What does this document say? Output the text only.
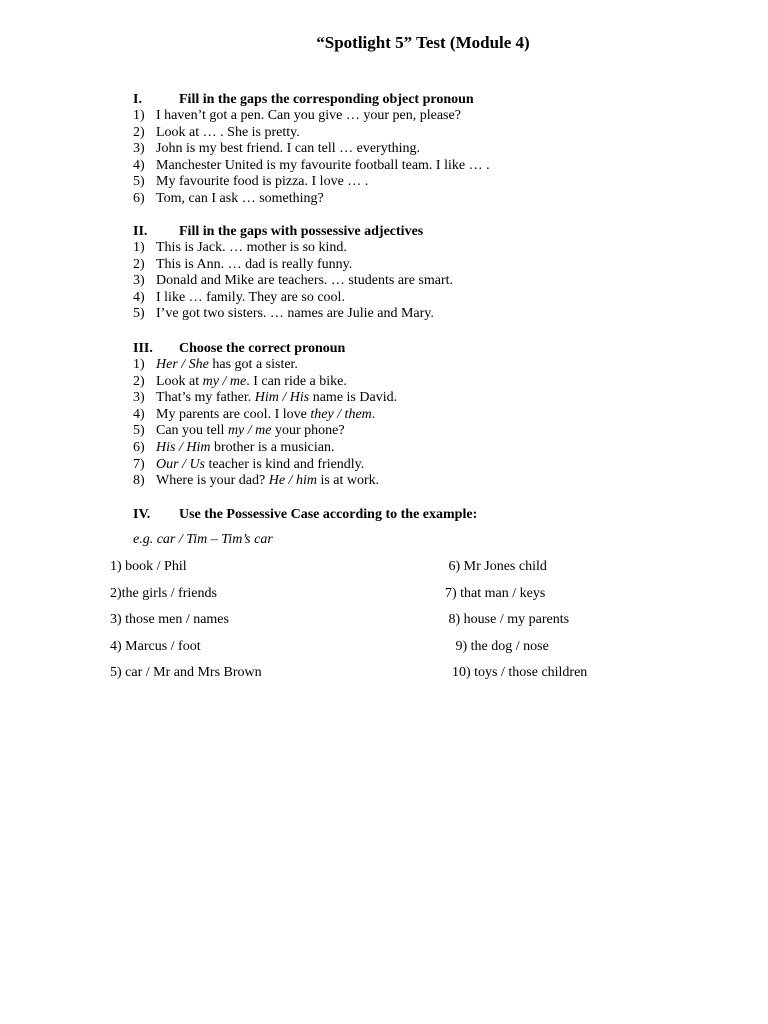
“Spotlight 5” Test (Module 4)
I.	Fill in the gaps the corresponding object pronoun
1) I haven’t got a pen. Can you give … your pen, please?
2) Look at … . She is pretty.
3) John is my best friend. I can tell … everything.
4) Manchester United is my favourite football team. I like … .
5) My favourite food is pizza. I love … .
6) Tom, can I ask … something?
II. Fill in the gaps with possessive adjectives
1) This is Jack. … mother is so kind.
2) This is Ann. … dad is really funny.
3) Donald and Mike are teachers. … students are smart.
4) I like … family. They are so cool.
5) I’ve got two sisters. … names are Julie and Mary.
III. Choose the correct pronoun
1) Her / She has got a sister.
2) Look at my / me. I can ride a bike.
3) That’s my father. Him / His name is David.
4) My parents are cool. I love they / them.
5) Can you tell my / me your phone?
6) His / Him brother is a musician.
7) Our / Us teacher is kind and friendly.
8) Where is your dad? He / him is at work.
IV. Use the Possessive Case according to the example:
e.g. car / Tim – Tim’s car
1) book / Phil
2)the girls / friends
3) those men / names
4) Marcus / foot
5) car / Mr and Mrs Brown
6) Mr Jones child
7) that man / keys
8) house / my parents
9) the dog / nose
10) toys / those children
